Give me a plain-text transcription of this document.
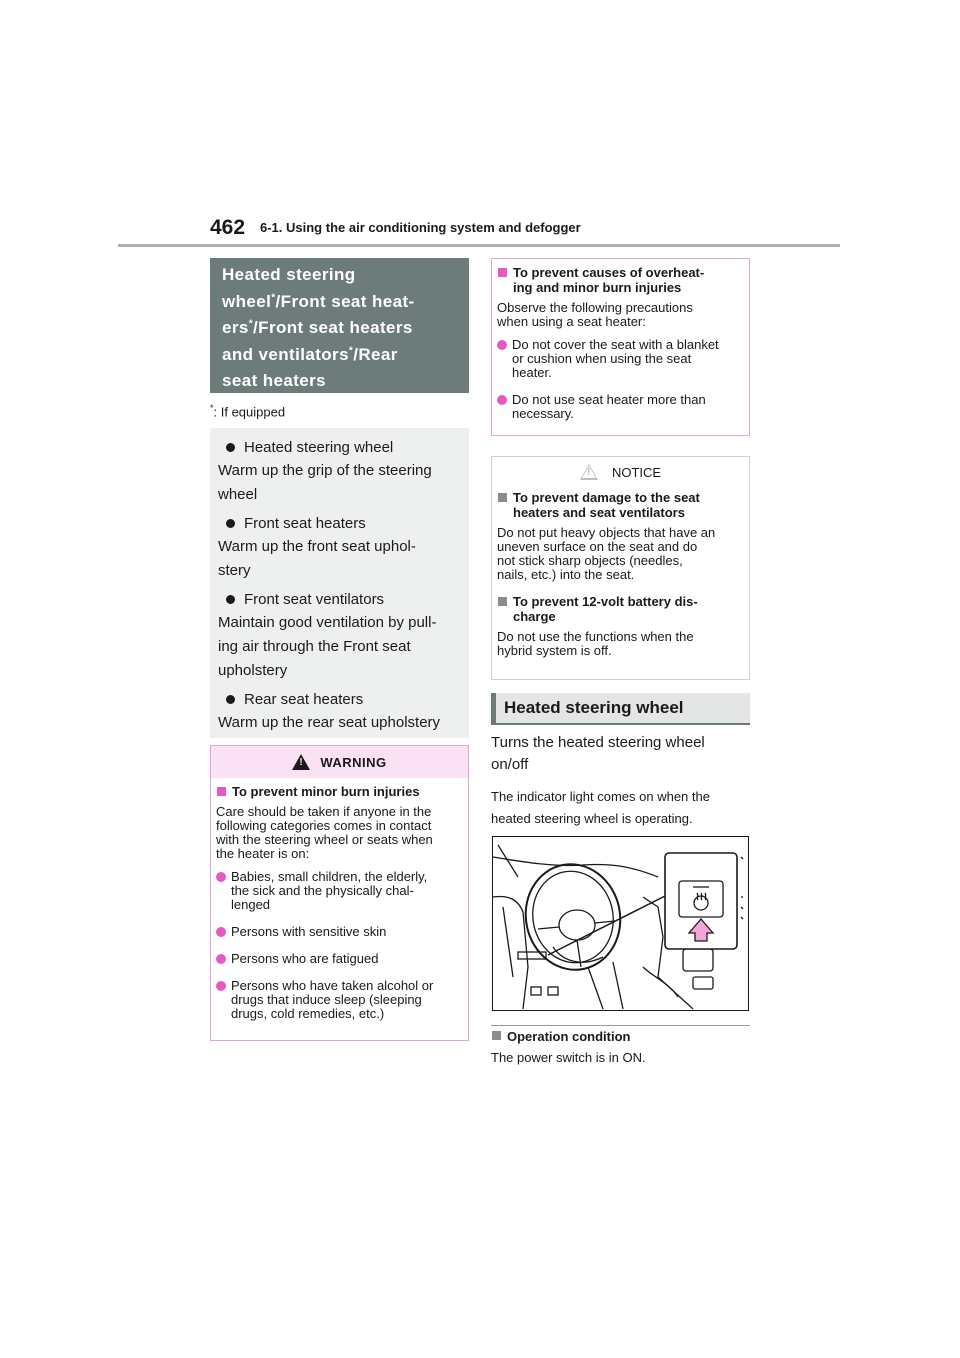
462 6-1. Using the air conditioning system and defogger
Heated steering
wheel*/Front seat heat-
ers*/Front seat heaters
and ventilators*/Rear
seat heaters
*: If equipped
Heated steering wheel
Warm up the grip of the steering
wheel
Front seat heaters
Warm up the front seat uphol-
stery
Front seat ventilators
Maintain good ventilation by pull-
ing air through the Front seat
upholstery
Rear seat heaters
Warm up the rear seat upholstery
!
WARNING
To prevent minor burn injuries
Care should be taken if anyone in the
following categories comes in contact
with the steering wheel or seats when
the heater is on:
Babies, small children, the elderly,
the sick and the physically chal-
lenged
Persons with sensitive skin
Persons who are fatigued
Persons who have taken alcohol or
drugs that induce sleep (sleeping
drugs, cold remedies, etc.)
To prevent causes of overheat-
ing and minor burn injuries
Observe the following precautions
when using a seat heater:
Do not cover the seat with a blanket
or cushion when using the seat
heater.
Do not use seat heater more than
necessary.
!
NOTICE
To prevent damage to the seat
heaters and seat ventilators
Do not put heavy objects that have an
uneven surface on the seat and do
not stick sharp objects (needles,
nails, etc.) into the seat.
To prevent 12-volt battery dis-
charge
Do not use the functions when the
hybrid system is off.
Heated steering wheel
Turns the heated steering wheel
on/off
The indicator light comes on when the
heated steering wheel is operating.
Operation condition
The power switch is in ON.
